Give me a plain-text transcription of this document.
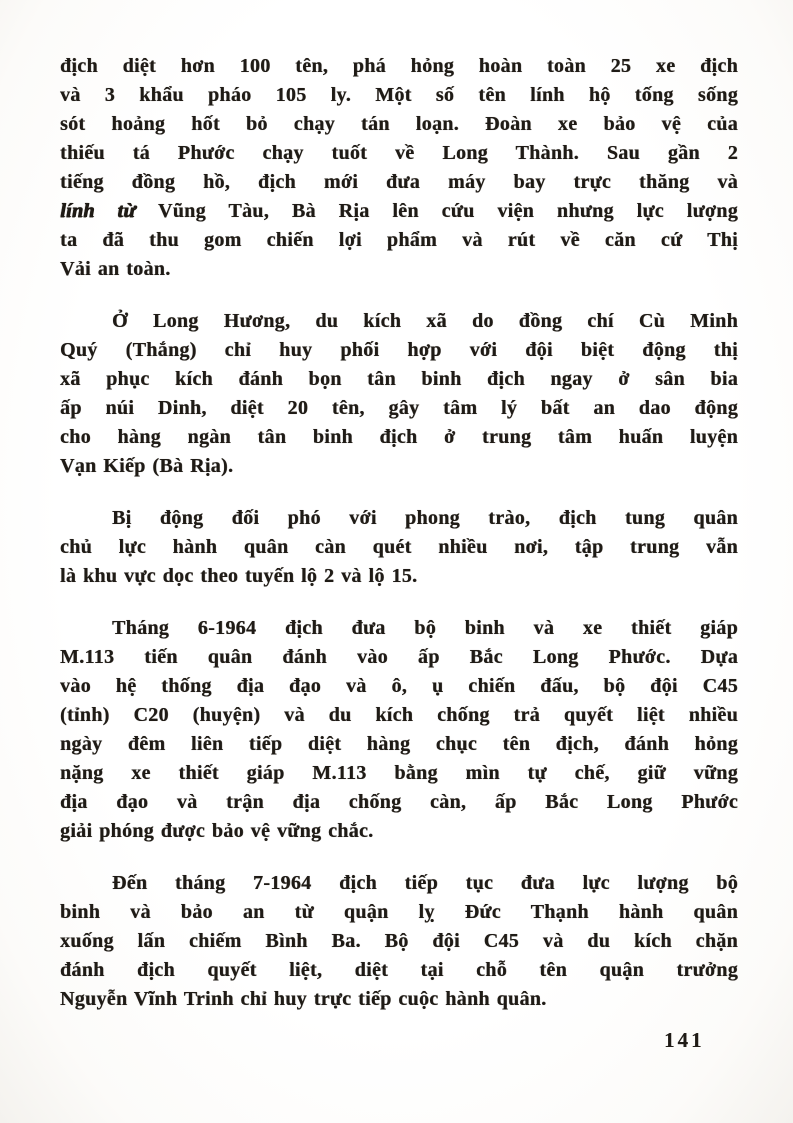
địch diệt hơn 100 tên, phá hỏng hoàn toàn 25 xe địch
và 3 khẩu pháo 105 ly. Một số tên lính hộ tống sống
sót hoảng hốt bỏ chạy tán loạn. Đoàn xe bảo vệ của
thiếu tá Phước chạy tuốt về Long Thành. Sau gần 2
tiếng đồng hồ, địch mới đưa máy bay trực thăng và
lính từ Vũng Tàu, Bà Rịa lên cứu viện nhưng lực lượng
ta đã thu gom chiến lợi phẩm và rút về căn cứ Thị
Vải an toàn.
Ở Long Hương, du kích xã do đồng chí Cù Minh
Quý (Thắng) chỉ huy phối hợp với đội biệt động thị
xã phục kích đánh bọn tân binh địch ngay ở sân bia
ấp núi Dinh, diệt 20 tên, gây tâm lý bất an dao động
cho hàng ngàn tân binh địch ở trung tâm huấn luyện
Vạn Kiếp (Bà Rịa).
Bị động đối phó với phong trào, địch tung quân
chủ lực hành quân càn quét nhiều nơi, tập trung vẫn
là khu vực dọc theo tuyến lộ 2 và lộ 15.
Tháng 6-1964 địch đưa bộ binh và xe thiết giáp
M.113 tiến quân đánh vào ấp Bắc Long Phước. Dựa
vào hệ thống địa đạo và ô, ụ chiến đấu, bộ đội C45
(tỉnh) C20 (huyện) và du kích chống trả quyết liệt nhiều
ngày đêm liên tiếp diệt hàng chục tên địch, đánh hỏng
nặng xe thiết giáp M.113 bằng mìn tự chế, giữ vững
địa đạo và trận địa chống càn, ấp Bắc Long Phước
giải phóng được bảo vệ vững chắc.
Đến tháng 7-1964 địch tiếp tục đưa lực lượng bộ
binh và bảo an từ quận lỵ Đức Thạnh hành quân
xuống lấn chiếm Bình Ba. Bộ đội C45 và du kích chặn
đánh địch quyết liệt, diệt tại chỗ tên quận trưởng
Nguyễn Vĩnh Trinh chỉ huy trực tiếp cuộc hành quân.
141
